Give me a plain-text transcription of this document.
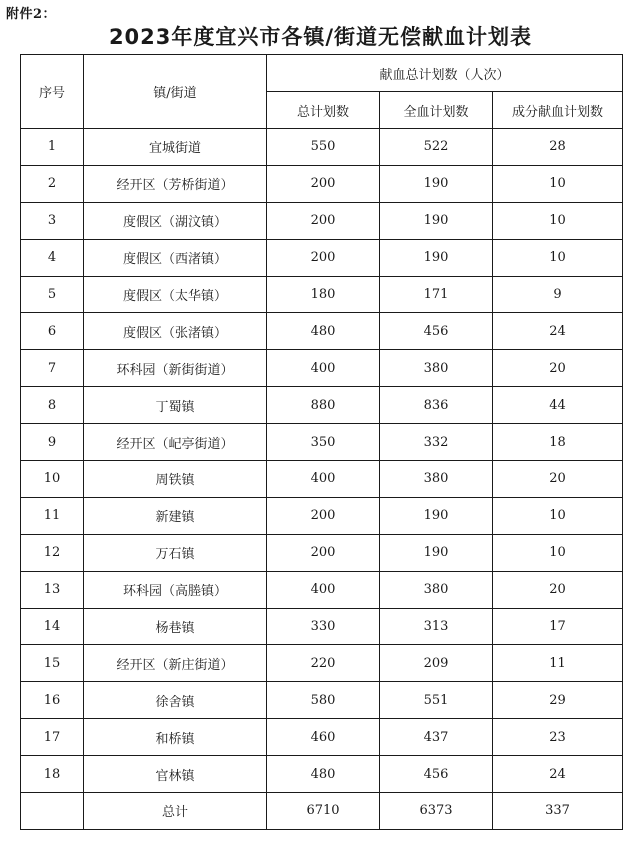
附件2：
2023年度宜兴市各镇/街道无偿献血计划表
序号	镇/街道	献血总计划数（人次）		
		总计划数	全血计划数	成分献血计划数
1	宜城街道	550	522	28
2	经开区（芳桥街道）	200	190	10
3	度假区（湖汶镇）	200	190	10
4	度假区（西渚镇）	200	190	10
5	度假区（太华镇）	180	171	9
6	度假区（张渚镇）	480	456	24
7	环科园（新街街道）	400	380	20
8	丁蜀镇	880	836	44
9	经开区（屺亭街道）	350	332	18
10	周铁镇	400	380	20
11	新建镇	200	190	10
12	万石镇	200	190	10
13	环科园（高塍镇）	400	380	20
14	杨巷镇	330	313	17
15	经开区（新庄街道）	220	209	11
16	徐舍镇	580	551	29
17	和桥镇	460	437	23
18	官林镇	480	456	24
	总计	6710	6373	337
